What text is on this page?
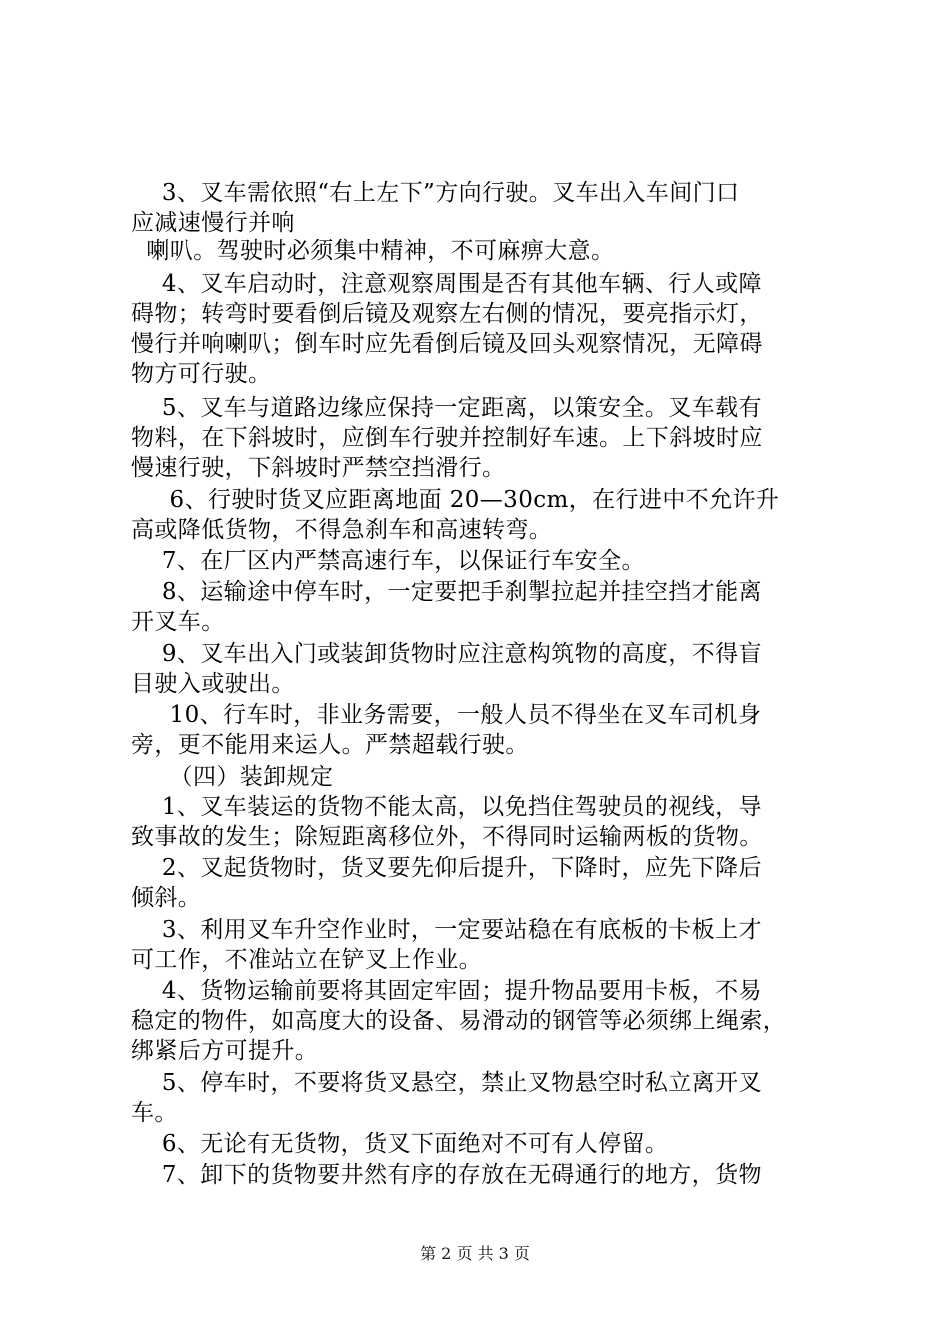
3、叉车需依照“右上左下”方向行驶。叉车出入车间门口
应减速慢行并响
喇叭。驾驶时必须集中精神，不可麻痹大意。
4、叉车启动时，注意观察周围是否有其他车辆、行人或障
碍物；转弯时要看倒后镜及观察左右侧的情况，要亮指示灯，
慢行并响喇叭；倒车时应先看倒后镜及回头观察情况，无障碍
物方可行驶。
5、叉车与道路边缘应保持一定距离，以策安全。叉车载有
物料，在下斜坡时，应倒车行驶并控制好车速。上下斜坡时应
慢速行驶，下斜坡时严禁空挡滑行。
6、行驶时货叉应距离地面 20—30cm，在行进中不允许升
高或降低货物，不得急刹车和高速转弯。
7、在厂区内严禁高速行车，以保证行车安全。
8、运输途中停车时，一定要把手刹掣拉起并挂空挡才能离
开叉车。
9、叉车出入门或装卸货物时应注意构筑物的高度，不得盲
目驶入或驶出。
10、行车时，非业务需要，一般人员不得坐在叉车司机身
旁，更不能用来运人。严禁超载行驶。
（四）装卸规定
1、叉车装运的货物不能太高，以免挡住驾驶员的视线，导
致事故的发生；除短距离移位外，不得同时运输两板的货物。
2、叉起货物时，货叉要先仰后提升，下降时，应先下降后
倾斜。
3、利用叉车升空作业时，一定要站稳在有底板的卡板上才
可工作，不准站立在铲叉上作业。
4、货物运输前要将其固定牢固；提升物品要用卡板，不易
稳定的物件，如高度大的设备、易滑动的钢管等必须绑上绳索，
绑紧后方可提升。
5、停车时，不要将货叉悬空，禁止叉物悬空时私立离开叉
车。
6、无论有无货物，货叉下面绝对不可有人停留。
7、卸下的货物要井然有序的存放在无碍通行的地方，货物
第 2 页 共 3 页
